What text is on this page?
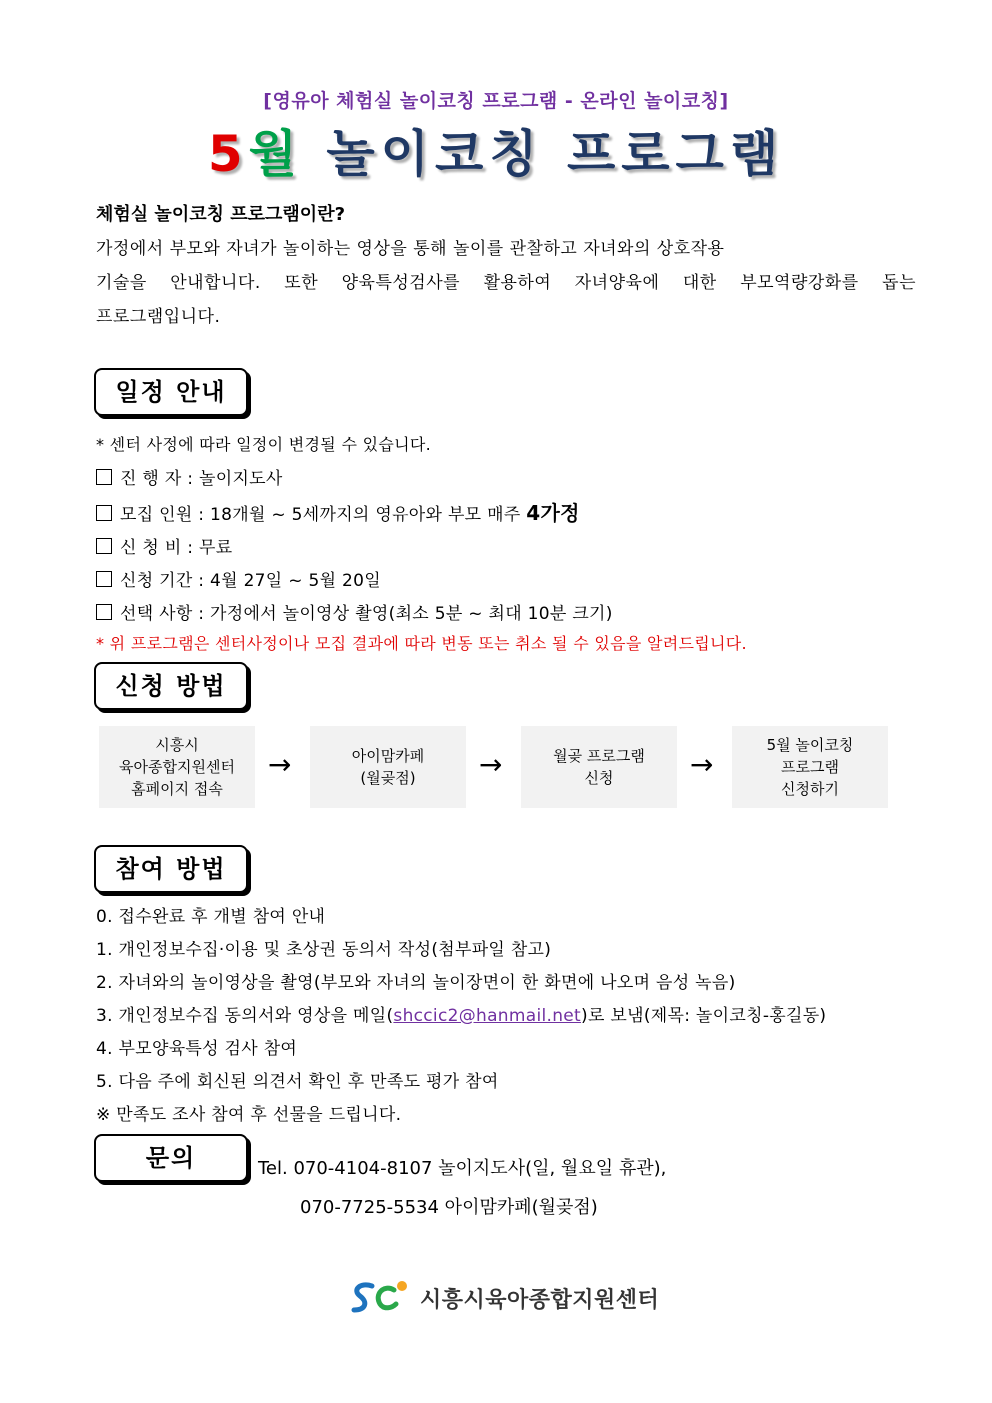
[영유아 체험실 놀이코칭 프로그램 - 온라인 놀이코칭]
5월 놀이코칭 프로그램
체험실 놀이코칭 프로그램이란?
가정에서 부모와 자녀가 놀이하는 영상을 통해 놀이를 관찰하고 자녀와의 상호작용
기술을 안내합니다. 또한 양육특성검사를 활용하여 자녀양육에 대한 부모역량강화를 돕는
프로그램입니다.
일정 안내
* 센터 사정에 따라 일정이 변경될 수 있습니다.
진 행 자 : 놀이지도사
모집 인원 : 18개월 ~ 5세까지의 영유아와 부모 매주 4가정
신 청 비 : 무료
신청 기간 : 4월 27일 ~ 5월 20일
선택 사항 : 가정에서 놀이영상 촬영(최소 5분 ~ 최대 10분 크기)
* 위 프로그램은 센터사정이나 모집 결과에 따라 변동 또는 취소 될 수 있음을 알려드립니다.
신청 방법
시흥시
육아종합지원센터
홈페이지 접속
→	아이맘카페
(월곶점) →	월곶 프로그램
신청	→
5월 놀이코칭
프로그램
신청하기
참여 방법
0. 접수완료 후 개별 참여 안내
1. 개인정보수집·이용 및 초상권 동의서 작성(첨부파일 참고)
2. 자녀와의 놀이영상을 촬영(부모와 자녀의 놀이장면이 한 화면에 나오며 음성 녹음)
3. 개인정보수집 동의서와 영상을 메일(shccic2@hanmail.net)로 보냄(제목: 놀이코칭-홍길동)
4. 부모양육특성 검사 참여
5. 다음 주에 회신된 의견서 확인 후 만족도 평가 참여
※ 만족도 조사 참여 후 선물을 드립니다.
문의	Tel. 070-4104-8107 놀이지도사(일, 월요일 휴관),
070-7725-5534 아이맘카페(월곶점)
시흥시육아종합지원센터
